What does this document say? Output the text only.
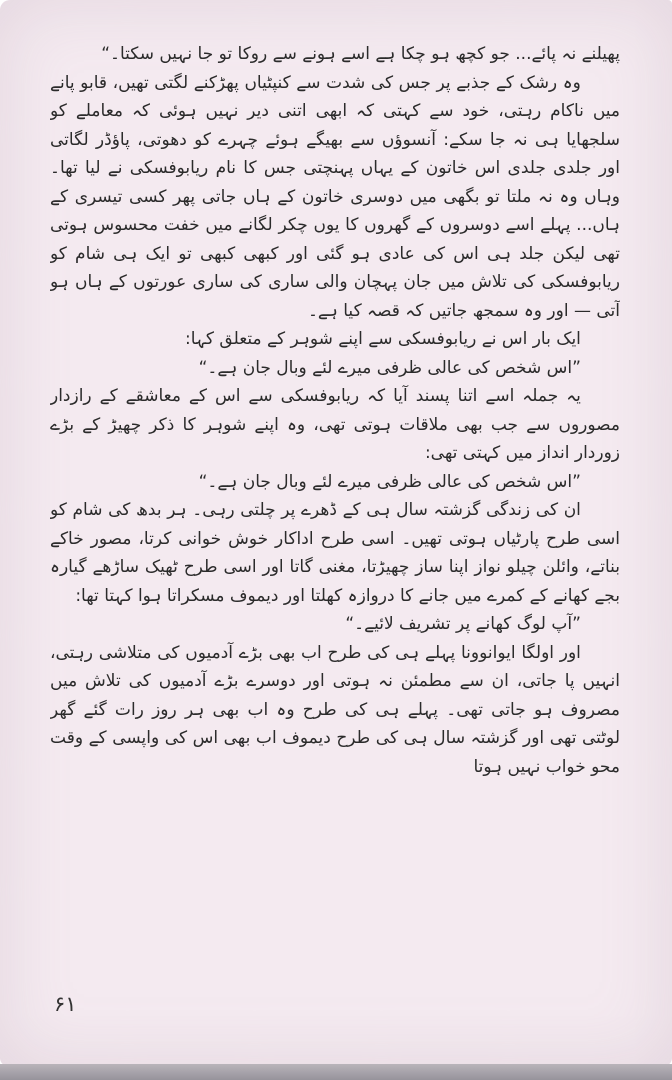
پھیلنے نہ پائے... جو کچھ ہو چکا ہے اسے ہونے سے روکا تو جا نہیں سکتا۔“

وہ رشک کے جذبے پر جس کی شدت سے کنپٹیاں پھڑکنے لگتی تھیں، قابو پانے میں ناکام رہتی، خود سے کہتی کہ ابھی اتنی دیر نہیں ہوئی کہ معاملے کو سلجھایا ہی نہ جا سکے: آنسوؤں سے بھیگے ہوئے چہرے کو دھوتی، پاؤڈر لگاتی اور جلدی جلدی اس خاتون کے یہاں پہنچتی جس کا نام ریابوفسکی نے لیا تھا۔ وہاں وہ نہ ملتا تو بگھی میں دوسری خاتون کے ہاں جاتی پھر کسی تیسری کے ہاں... پہلے اسے دوسروں کے گھروں کا یوں چکر لگانے میں خفت محسوس ہوتی تھی لیکن جلد ہی اس کی عادی ہو گئی اور کبھی کبھی تو ایک ہی شام کو ریابوفسکی کی تلاش میں جان پہچان والی ساری کی ساری عورتوں کے ہاں ہو آتی — اور وہ سمجھ جاتیں کہ قصہ کیا ہے۔

ایک بار اس نے ریابوفسکی سے اپنے شوہر کے متعلق کہا:

”اس شخص کی عالی ظرفی میرے لئے وبال جان ہے۔“

یہ جملہ اسے اتنا پسند آیا کہ ریابوفسکی سے اس کے معاشقے کے رازدار مصوروں سے جب بھی ملاقات ہوتی تھی، وہ اپنے شوہر کا ذکر چھیڑ کے بڑے زوردار انداز میں کہتی تھی:

”اس شخص کی عالی ظرفی میرے لئے وبال جان ہے۔“

ان کی زندگی گزشتہ سال ہی کے ڈھرے پر چلتی رہی۔ ہر بدھ کی شام کو اسی طرح پارٹیاں ہوتی تھیں۔ اسی طرح اداکار خوش خوانی کرتا، مصور خاکے بناتے، وائلن چیلو نواز اپنا ساز چھیڑتا، مغنی گاتا اور اسی طرح ٹھیک ساڑھے گیارہ بجے کھانے کے کمرے میں جانے کا دروازہ کھلتا اور دیموف مسکراتا ہوا کہتا تھا:

”آپ لوگ کھانے پر تشریف لائیے۔“

اور اولگا ایوانوونا پہلے ہی کی طرح اب بھی بڑے آدمیوں کی متلاشی رہتی، انہیں پا جاتی، ان سے مطمئن نہ ہوتی اور دوسرے بڑے آدمیوں کی تلاش میں مصروف ہو جاتی تھی۔ پہلے ہی کی طرح وہ اب بھی ہر روز رات گئے گھر لوٹتی تھی اور گزشتہ سال ہی کی طرح دیموف اب بھی اس کی واپسی کے وقت محو خواب نہیں ہوتا

۶۱
